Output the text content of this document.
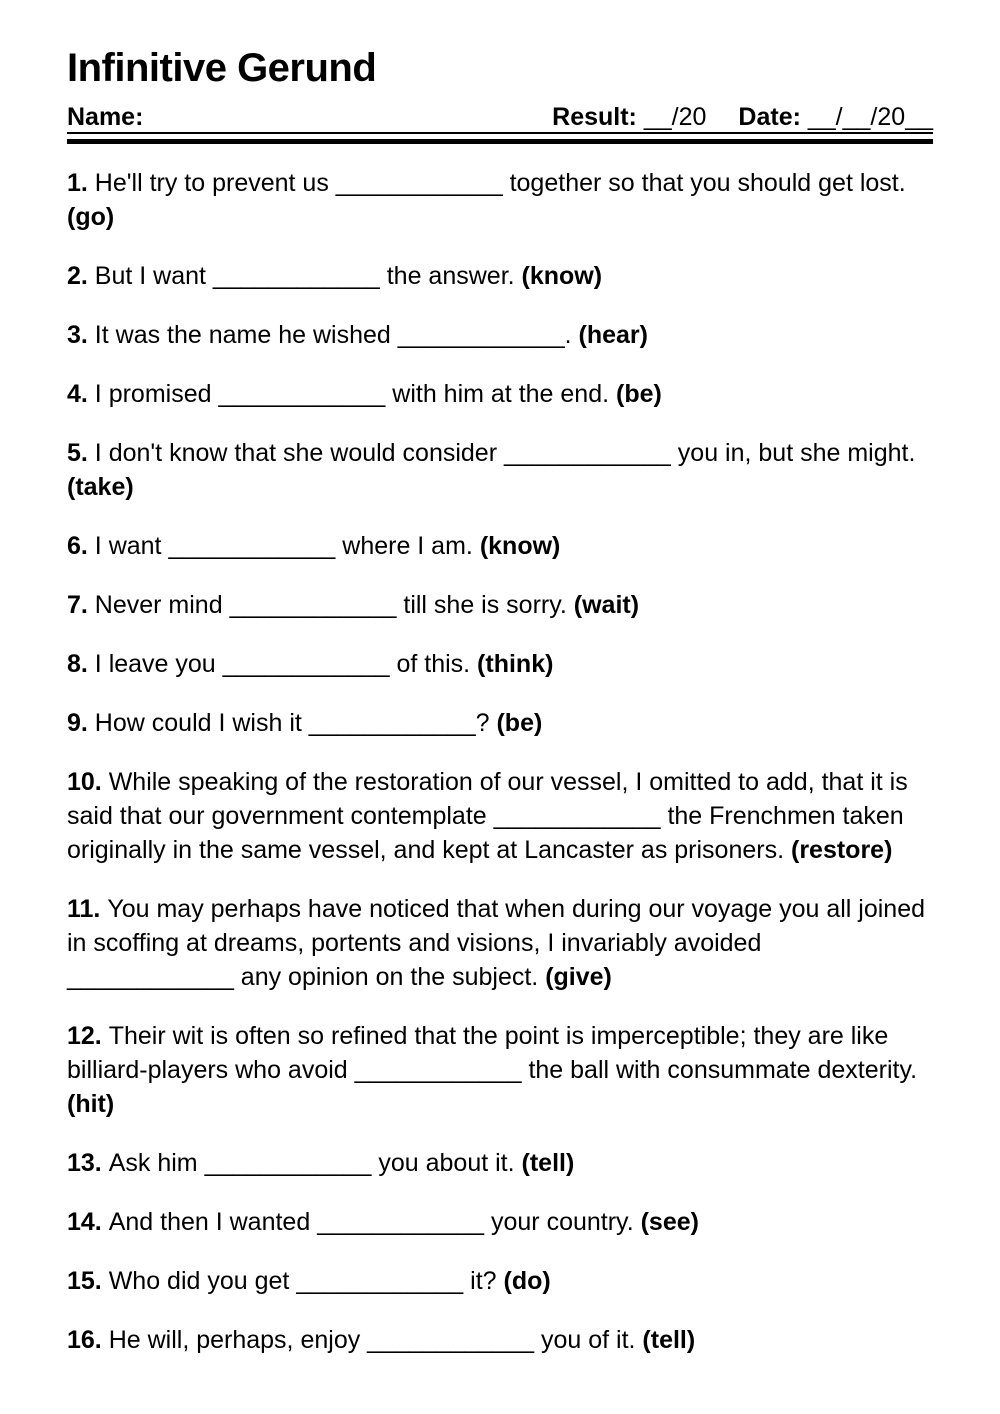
Infinitive Gerund
Name:	Result: __/20 Date: __/__/20__

1. He'll try to prevent us ____________ together so that you should get lost. (go)

2. But I want ____________ the answer. (know)

3. It was the name he wished ____________. (hear)

4. I promised ____________ with him at the end. (be)

5. I don't know that she would consider ____________ you in, but she might. (take)

6. I want ____________ where I am. (know)

7. Never mind ____________ till she is sorry. (wait)

8. I leave you ____________ of this. (think)

9. How could I wish it ____________? (be)

10. While speaking of the restoration of our vessel, I omitted to add, that it is said that our government contemplate ____________ the Frenchmen taken originally in the same vessel, and kept at Lancaster as prisoners. (restore)

11. You may perhaps have noticed that when during our voyage you all joined in scoffing at dreams, portents and visions, I invariably avoided ____________ any opinion on the subject. (give)

12. Their wit is often so refined that the point is imperceptible; they are like billiard-players who avoid ____________ the ball with consummate dexterity. (hit)

13. Ask him ____________ you about it. (tell)

14. And then I wanted ____________ your country. (see)

15. Who did you get ____________ it? (do)

16. He will, perhaps, enjoy ____________ you of it. (tell)
